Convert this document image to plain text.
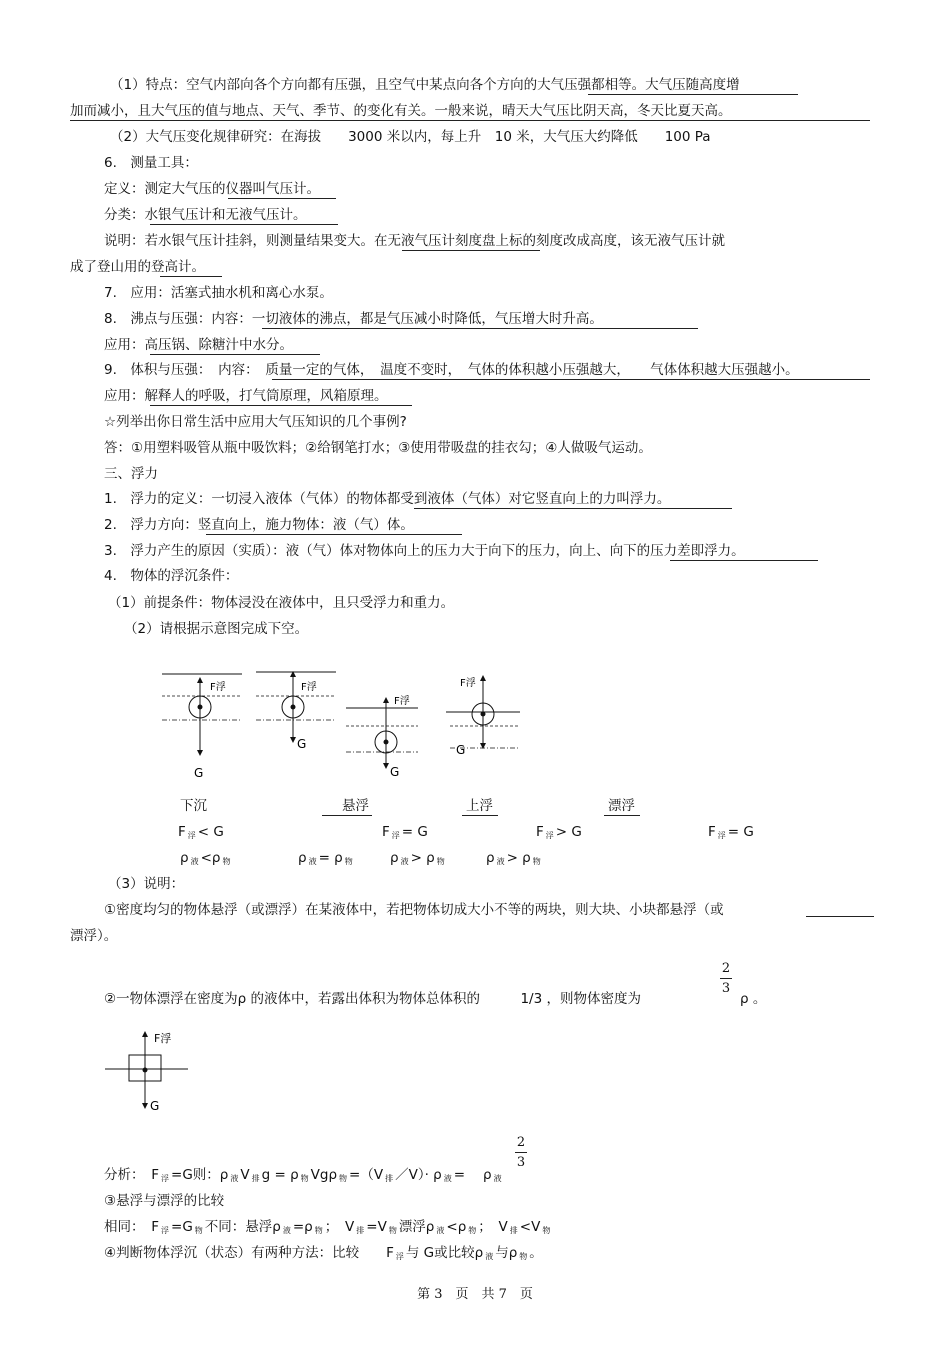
（1）特点：空气内部向各个方向都有压强，且空气中某点向各个方向的大气压强都相等。大气压随高度增
加而减小，且大气压的值与地点、天气、季节、的变化有关。一般来说，晴天大气压比阴天高，冬天比夏天高。
（2）大气压变化规律研究：在海拔　　3000 米以内，每上升　10 米，大气压大约降低　　100 Pa
6.　测量工具：
定义：测定大气压的仪器叫气压计。
分类：水银气压计和无液气压计。
说明：若水银气压计挂斜，则测量结果变大。在无液气压计刻度盘上标的刻度改成高度，该无液气压计就
成了登山用的登高计。
7.　应用：活塞式抽水机和离心水泵。
8.　沸点与压强：内容：一切液体的沸点，都是气压减小时降低，气压增大时升高。
应用：高压锅、除糖汁中水分。
9.　体积与压强：　内容：　质量一定的气体，　温度不变时，　气体的体积越小压强越大，　　气体体积越大压强越小。
应用：解释人的呼吸，打气筒原理，风箱原理。
☆列举出你日常生活中应用大气压知识的几个事例?
答：①用塑料吸管从瓶中吸饮料；②给钢笔打水；③使用带吸盘的挂衣勾；④人做吸气运动。
三、浮力
1.　浮力的定义：一切浸入液体（气体）的物体都受到液体（气体）对它竖直向上的力叫浮力。
2.　浮力方向：竖直向上，施力物体：液（气）体。
3.　浮力产生的原因（实质）：液（气）体对物体向上的压力大于向下的压力，向上、向下的压力差即浮力。
4.　物体的浮沉条件：
（1）前提条件：物体浸没在液体中，且只受浮力和重力。
（2）请根据示意图完成下空。
F浮
G
F浮
G
F浮
G
F浮
G
下沉	悬浮	上浮	漂浮
F浮 < G	F浮 = G	F浮 > G	F浮 = G
ρ液 <ρ 物	ρ液 = ρ 物	ρ液 > ρ 物	ρ液 > ρ 物
（3）说明：
①密度均匀的物体悬浮（或漂浮）在某液体中，若把物体切成大小不等的两块，则大块、小块都悬浮（或
漂浮）。
2
3
②一物体漂浮在密度为ρ 的液体中，若露出体积为物体总体积的　　　1/3 ，则物体密度为	ρ 。
F浮
G
2
3
分析：　F 浮 =G则：ρ 液 V 排 g = ρ 物 Vgρ 物 =（V 排 ／V）· ρ 液 = ρ 液
③悬浮与漂浮的比较
相同：　F 浮 =G 物 不同：悬浮ρ 液 =ρ 物 ；　V 排 =V 物 漂浮ρ 液 <ρ 物 ；　V 排 <V 物
④判断物体浮沉（状态）有两种方法：比较　　F 浮 与 G或比较ρ 液 与ρ 物 。
第 3　页　共 7　页
